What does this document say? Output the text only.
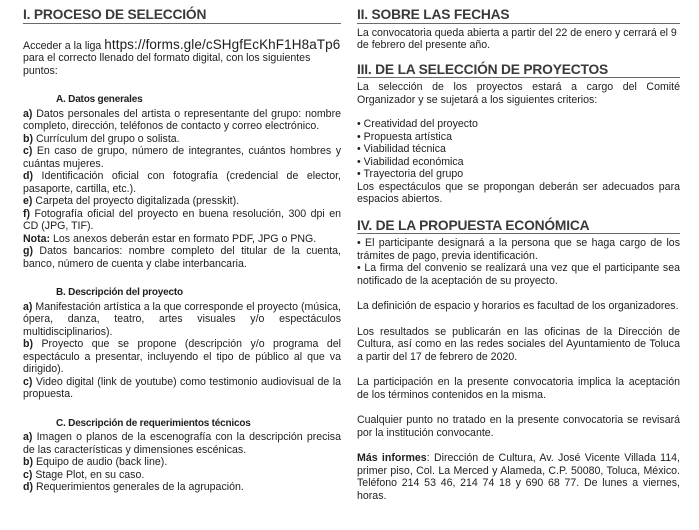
I. PROCESO DE SELECCIÓN

Acceder a la liga https://forms.gle/cSHgfEcKhF1H8aTp6
para el correcto llenado del formato digital, con los siguientes puntos:

A. Datos generales

a) Datos personales del artista o representante del grupo: nombre completo, dirección, teléfonos de contacto y correo electrónico.

b) Currículum del grupo o solista.

c) En caso de grupo, número de integrantes, cuántos hombres y cuántas mujeres.

d) Identificación oficial con fotografía (credencial de elector, pasaporte, cartilla, etc.).

e) Carpeta del proyecto digitalizada (presskit).

f) Fotografía oficial del proyecto en buena resolución, 300 dpi en CD (JPG, TIF).

Nota: Los anexos deberán estar en formato PDF, JPG o PNG.

g) Datos bancarios: nombre completo del titular de la cuenta, banco, número de cuenta y clabe interbancaria.

B. Descripción del proyecto

a) Manifestación artística a la que corresponde el proyecto (música, ópera, danza, teatro, artes visuales y/o espectáculos multidisciplinarios).

b) Proyecto que se propone (descripción y/o programa del espectáculo a presentar, incluyendo el tipo de público al que va dirigido).

c) Video digital (link de youtube) como testimonio audiovisual de la propuesta.

C. Descripción de requerimientos técnicos

a) Imagen o planos de la escenografía con la descripción precisa de las características y dimensiones escénicas.

b) Equipo de audio (back line).

c) Stage Plot, en su caso.

d) Requerimientos generales de la agrupación.

II. SOBRE LAS FECHAS

La convocatoria queda abierta a partir del 22 de enero y cerrará el 9 de febrero del presente año.

III. DE LA SELECCIÓN DE PROYECTOS

La selección de los proyectos estará a cargo del Comité Organizador y se sujetará a los siguientes criterios:

• Creatividad del proyecto

• Propuesta artística

• Viabilidad técnica

• Viabilidad económica

• Trayectoria del grupo

Los espectáculos que se propongan deberán ser adecuados para espacios abiertos.

IV. DE LA PROPUESTA ECONÓMICA

• El participante designará a la persona que se haga cargo de los trámites de pago, previa identificación.

• La firma del convenio se realizará una vez que el participante sea notificado de la aceptación de su proyecto.

La definición de espacio y horarios es facultad de los organizadores.

Los resultados se publicarán en las oficinas de la Dirección de Cultura, así como en las redes sociales del Ayuntamiento de Toluca a partir del 17 de febrero de 2020.

La participación en la presente convocatoria implica la aceptación de los términos contenidos en la misma.

Cualquier punto no tratado en la presente convocatoria se revisará por la institución convocante.

Más informes: Dirección de Cultura, Av. José Vicente Villada 114, primer piso, Col. La Merced y Alameda, C.P. 50080, Toluca, México. Teléfono 214 53 46, 214 74 18 y 690 68 77. De lunes a viernes, horas.
